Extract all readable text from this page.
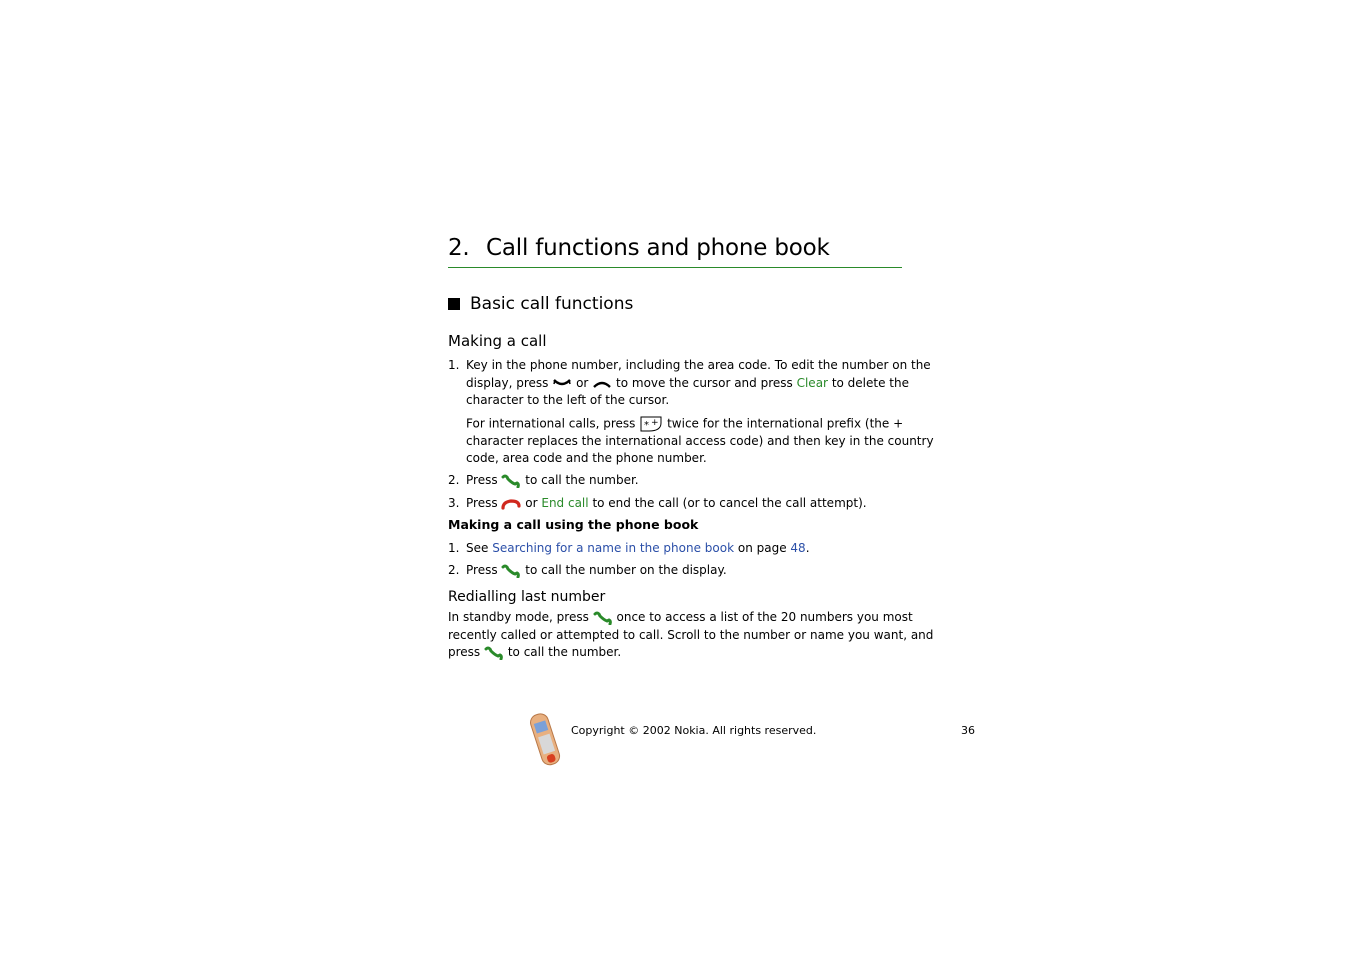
2. Call functions and phone book
Basic call functions
Making a call
1. Key in the phone number, including the area code. To edit the number on the
display, press or to move the cursor and press Clear to delete the
character to the left of the cursor.
For international calls, press * + twice for the international prefix (the +
character replaces the international access code) and then key in the country
code, area code and the phone number.
2. Press to call the number.
3. Press or End call to end the call (or to cancel the call attempt).
Making a call using the phone book
1. See Searching for a name in the phone book on page 48.
2. Press to call the number on the display.
Redialling last number
In standby mode, press once to access a list of the 20 numbers you most
recently called or attempted to call. Scroll to the number or name you want, and
press to call the number.
Copyright © 2002 Nokia. All rights reserved.	36
